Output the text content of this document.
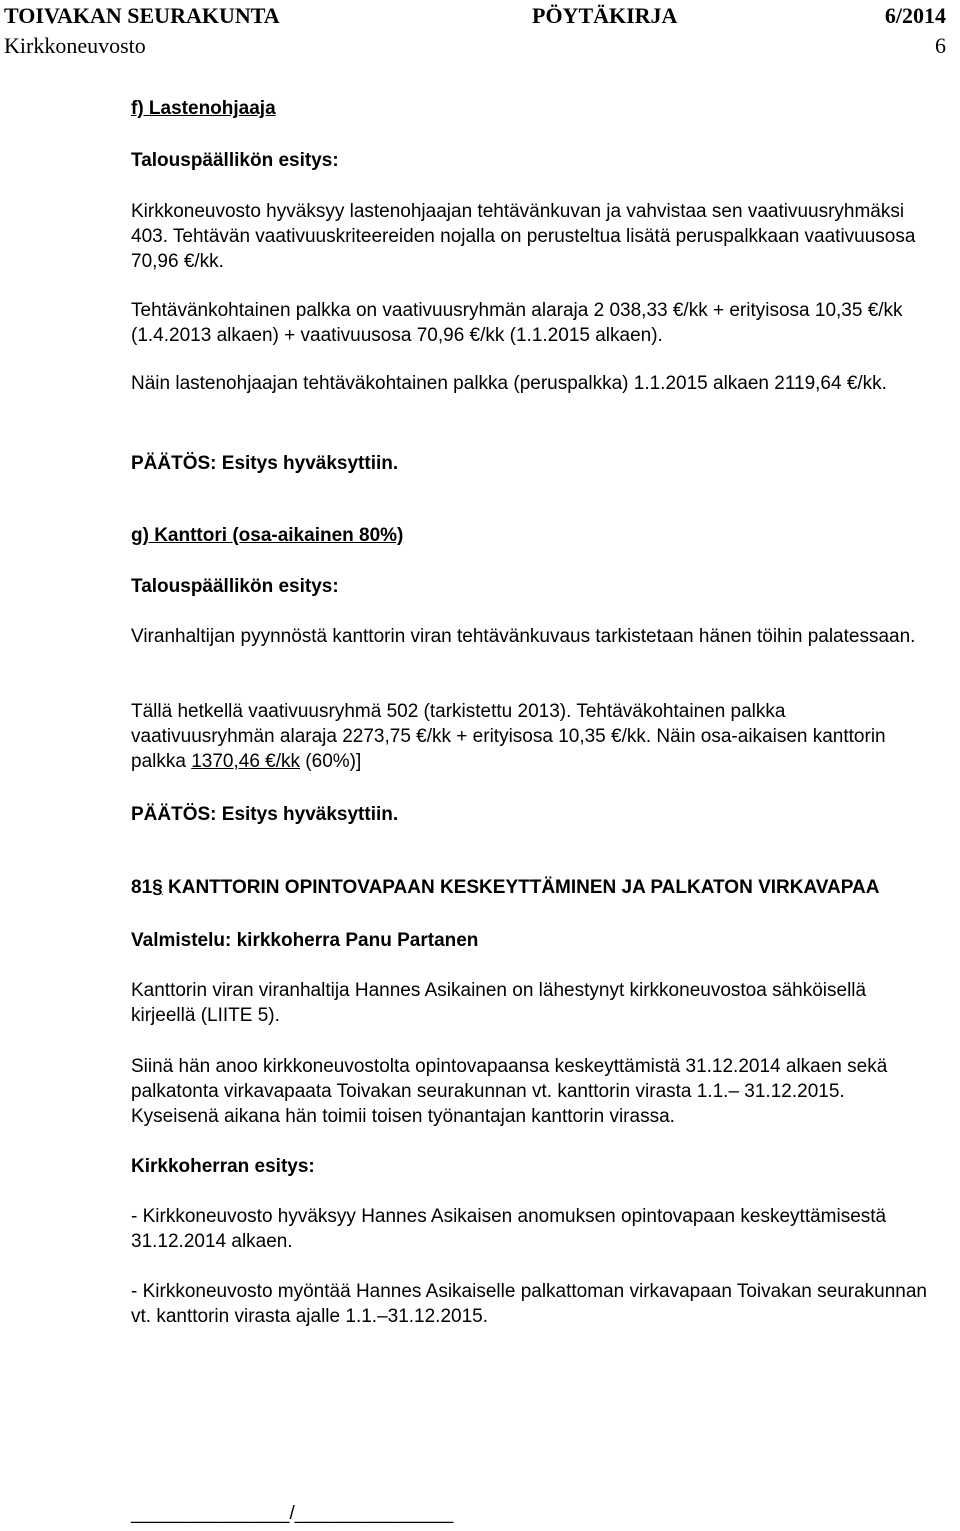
TOIVAKAN SEURAKUNTA	PÖYTÄKIRJA	6/2014
Kirkkoneuvosto	6

f) Lastenohjaaja

Talouspäällikön esitys:

Kirkkoneuvosto hyväksyy lastenohjaajan tehtävänkuvan ja vahvistaa sen vaativuusryhmäksi 403. Tehtävän vaativuuskriteereiden nojalla on perusteltua lisätä peruspalkkaan vaativuusosa 70,96 €/kk.

Tehtävänkohtainen palkka on vaativuusryhmän alaraja 2 038,33 €/kk + erityisosa 10,35 €/kk (1.4.2013 alkaen) + vaativuusosa 70,96 €/kk (1.1.2015 alkaen).

Näin lastenohjaajan tehtäväkohtainen palkka (peruspalkka) 1.1.2015 alkaen 2119,64 €/kk.

PÄÄTÖS: Esitys hyväksyttiin.

g) Kanttori (osa-aikainen 80%)

Talouspäällikön esitys:

Viranhaltijan pyynnöstä kanttorin viran tehtävänkuvaus tarkistetaan hänen töihin palatessaan.

Tällä hetkellä vaativuusryhmä 502 (tarkistettu 2013). Tehtäväkohtainen palkka vaativuusryhmän alaraja 2273,75 €/kk + erityisosa 10,35 €/kk. Näin osa-aikaisen kanttorin palkka 1370,46 €/kk (60%)]

PÄÄTÖS: Esitys hyväksyttiin.

81§ KANTTORIN OPINTOVAPAAN KESKEYTTÄMINEN JA PALKATON VIRKAVAPAA

Valmistelu: kirkkoherra Panu Partanen

Kanttorin viran viranhaltija Hannes Asikainen on lähestynyt kirkkoneuvostoa sähköisellä kirjeellä (LIITE 5).

Siinä hän anoo kirkkoneuvostolta opintovapaansa keskeyttämistä 31.12.2014 alkaen sekä palkatonta virkavapaata Toivakan seurakunnan vt. kanttorin virasta 1.1.– 31.12.2015. Kyseisenä aikana hän toimii toisen työnantajan kanttorin virassa.

Kirkkoherran esitys:

- Kirkkoneuvosto hyväksyy Hannes Asikaisen anomuksen opintovapaan keskeyttämisestä 31.12.2014 alkaen.

- Kirkkoneuvosto myöntää Hannes Asikaiselle palkattoman virkavapaan Toivakan seurakunnan vt. kanttorin virasta ajalle 1.1.–31.12.2015.

_______________/_______________
